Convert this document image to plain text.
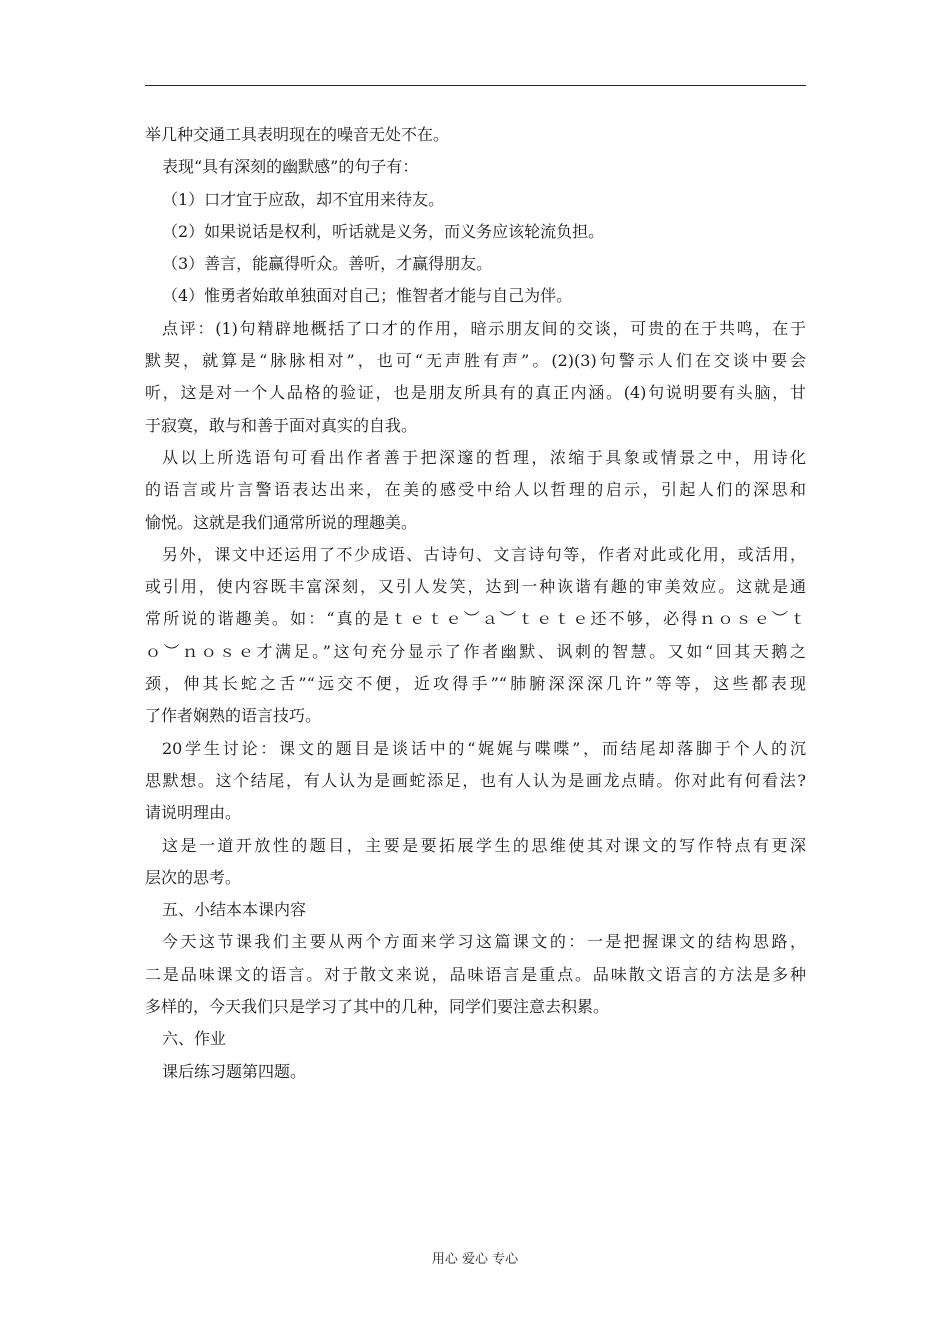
举几种交通工具表明现在的噪音无处不在。
表现“具有深刻的幽默感”的句子有：
（1）口才宜于应敌，却不宜用来待友。
（2）如果说话是权利，听话就是义务，而义务应该轮流负担。
（3）善言，能赢得听众。善听，才赢得朋友。
（4）惟勇者始敢单独面对自己；惟智者才能与自己为伴。
点评：(1)句精辟地概括了口才的作用，暗示朋友间的交谈，可贵的在于共鸣，在于
默契，就算是“脉脉相对”，也可“无声胜有声”。(2)(3)句警示人们在交谈中要会
听，这是对一个人品格的验证，也是朋友所具有的真正内涵。(4)句说明要有头脑，甘
于寂寞，敢与和善于面对真实的自我。
从以上所选语句可看出作者善于把深邃的哲理，浓缩于具象或情景之中，用诗化
的语言或片言警语表达出来，在美的感受中给人以哲理的启示，引起人们的深思和
愉悦。这就是我们通常所说的理趣美。
另外，课文中还运用了不少成语、古诗句、文言诗句等，作者对此或化用，或活用，
或引用，使内容既丰富深刻，又引人发笑，达到一种诙谐有趣的审美效应。这就是通
常所说的谐趣美。如：“真的是ｔｅｔｅ︶ａ︶ｔｅｔｅ还不够，必得ｎｏｓｅ︶ｔ
ｏ︶ｎｏｓｅ才满足。”这句充分显示了作者幽默、讽刺的智慧。又如“回其天鹅之
颈，伸其长蛇之舌”“远交不便，近攻得手”“肺腑深深深几许”等等，这些都表现
了作者娴熟的语言技巧。
20学生讨论：课文的题目是谈话中的“娓娓与喋喋”，而结尾却落脚于个人的沉
思默想。这个结尾，有人认为是画蛇添足，也有人认为是画龙点睛。你对此有何看法?
请说明理由。
这是一道开放性的题目，主要是要拓展学生的思维使其对课文的写作特点有更深
层次的思考。
五、小结本本课内容
今天这节课我们主要从两个方面来学习这篇课文的：一是把握课文的结构思路，
二是品味课文的语言。对于散文来说，品味语言是重点。品味散文语言的方法是多种
多样的，今天我们只是学习了其中的几种，同学们要注意去积累。
六、作业
课后练习题第四题。
用心 爱心 专心
